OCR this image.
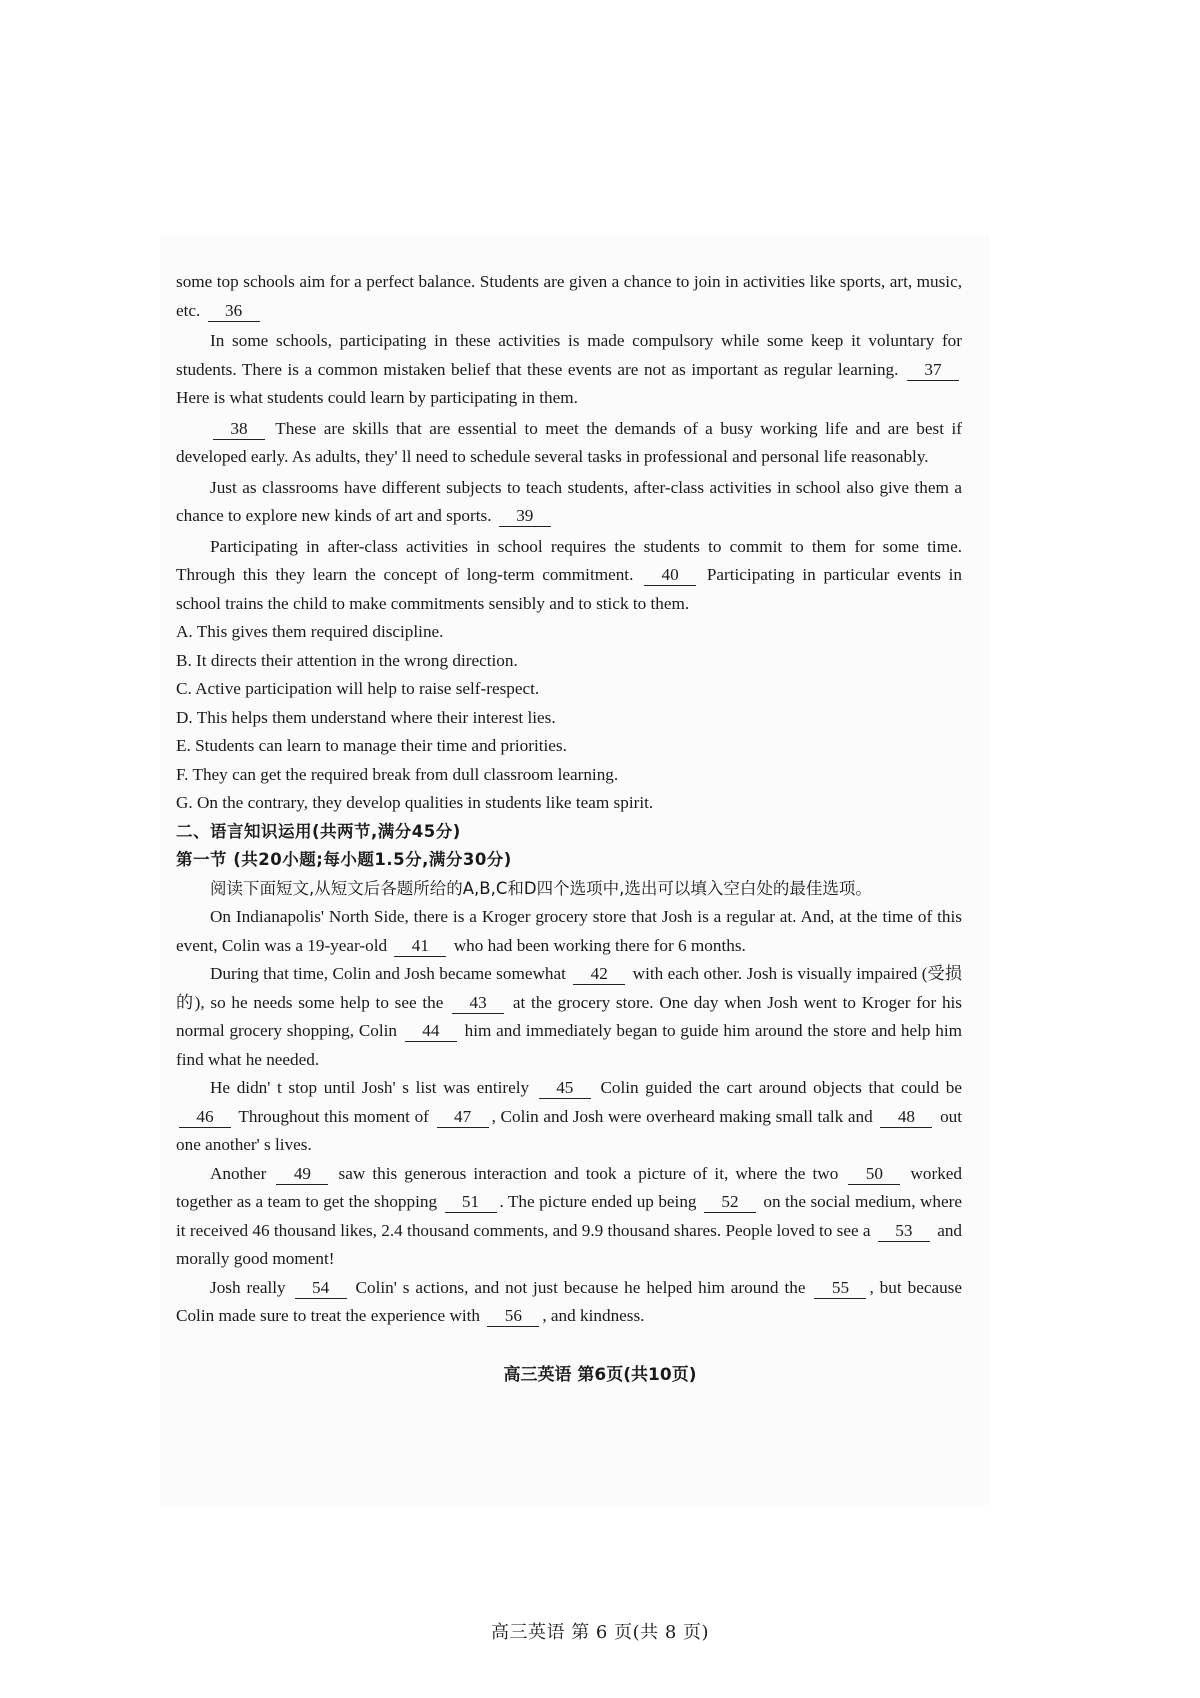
some top schools aim for a perfect balance. Students are given a chance to join in activities like sports, art, music, etc. 36

In some schools, participating in these activities is made compulsory while some keep it voluntary for students. There is a common mistaken belief that these events are not as important as regular learning. 37 Here is what students could learn by participating in them.

38 These are skills that are essential to meet the demands of a busy working life and are best if developed early. As adults, they' ll need to schedule several tasks in professional and personal life reasonably.

Just as classrooms have different subjects to teach students, after-class activities in school also give them a chance to explore new kinds of art and sports. 39

Participating in after-class activities in school requires the students to commit to them for some time. Through this they learn the concept of long-term commitment. 40 Participating in particular events in school trains the child to make commitments sensibly and to stick to them.

A. This gives them required discipline.

B. It directs their attention in the wrong direction.

C. Active participation will help to raise self-respect.

D. This helps them understand where their interest lies.

E. Students can learn to manage their time and priorities.

F. They can get the required break from dull classroom learning.

G. On the contrary, they develop qualities in students like team spirit.

二、语言知识运用(共两节,满分45分)

第一节 (共20小题;每小题1.5分,满分30分)

阅读下面短文,从短文后各题所给的A,B,C和D四个选项中,选出可以填入空白处的最佳选项。

On Indianapolis' North Side, there is a Kroger grocery store that Josh is a regular at. And, at the time of this event, Colin was a 19-year-old 41 who had been working there for 6 months.

During that time, Colin and Josh became somewhat 42 with each other. Josh is visually impaired (受损的), so he needs some help to see the 43 at the grocery store. One day when Josh went to Kroger for his normal grocery shopping, Colin 44 him and immediately began to guide him around the store and help him find what he needed.

He didn' t stop until Josh' s list was entirely 45 Colin guided the cart around objects that could be 46 Throughout this moment of 47 , Colin and Josh were overheard making small talk and 48 out one another' s lives.

Another 49 saw this generous interaction and took a picture of it, where the two 50 worked together as a team to get the shopping 51 . The picture ended up being 52 on the social medium, where it received 46 thousand likes, 2.4 thousand comments, and 9.9 thousand shares. People loved to see a 53 and morally good moment!

Josh really 54 Colin' s actions, and not just because he helped him around the 55 , but because Colin made sure to treat the experience with 56 , and kindness.

高三英语 第6页(共10页)
高三英语 第 6 页(共 8 页)
